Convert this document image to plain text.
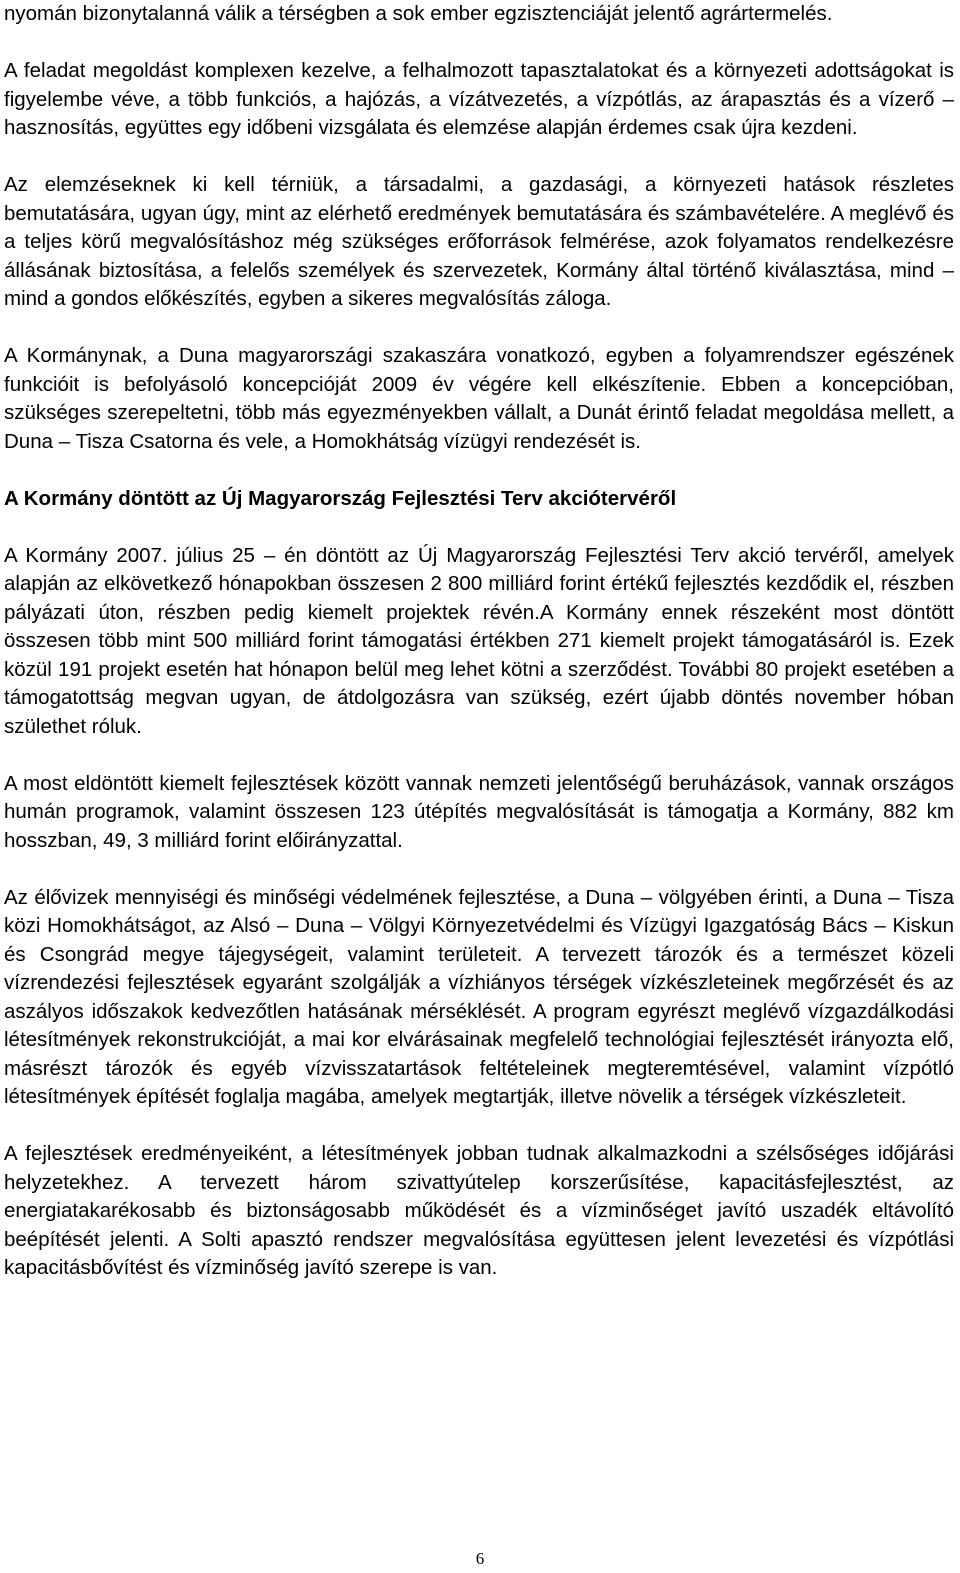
nyomán bizonytalanná válik a térségben a sok ember egzisztenciáját jelentő agrártermelés.

A feladat megoldást komplexen kezelve, a felhalmozott tapasztalatokat és a környezeti adottságokat is figyelembe véve, a több funkciós, a hajózás, a vízátvezetés, a vízpótlás, az árapasztás és a vízerő – hasznosítás, együttes egy időbeni vizsgálata és elemzése alapján érdemes csak újra kezdeni.

Az elemzéseknek ki kell térniük, a társadalmi, a gazdasági, a környezeti hatások részletes bemutatására, ugyan úgy, mint az elérhető eredmények bemutatására és számbavételére. A meglévő és a teljes körű megvalósításhoz még szükséges erőforrások felmérése, azok folyamatos rendelkezésre állásának biztosítása, a felelős személyek és szervezetek, Kormány által történő kiválasztása, mind – mind a gondos előkészítés, egyben a sikeres megvalósítás záloga.

A Kormánynak, a Duna magyarországi szakaszára vonatkozó, egyben a folyamrendszer egészének funkcióit is befolyásoló koncepcióját 2009 év végére kell elkészítenie. Ebben a koncepcióban, szükséges szerepeltetni, több más egyezményekben vállalt, a Dunát érintő feladat megoldása mellett, a Duna – Tisza Csatorna és vele, a Homokhátság vízügyi rendezését is.

A Kormány döntött az Új Magyarország Fejlesztési Terv akciótervéről

A Kormány 2007. július 25 – én döntött az Új Magyarország Fejlesztési Terv akció tervéről, amelyek alapján az elkövetkező hónapokban összesen 2 800 milliárd forint értékű fejlesztés kezdődik el, részben pályázati úton, részben pedig kiemelt projektek révén.A Kormány ennek részeként most döntött összesen több mint 500 milliárd forint támogatási értékben 271 kiemelt projekt támogatásáról is. Ezek közül 191 projekt esetén hat hónapon belül meg lehet kötni a szerződést. További 80 projekt esetében a támogatottság megvan ugyan, de átdolgozásra van szükség, ezért újabb döntés november hóban születhet róluk.

A most eldöntött kiemelt fejlesztések között vannak nemzeti jelentőségű beruházások, vannak országos humán programok, valamint összesen 123 útépítés megvalósítását is támogatja a Kormány, 882 km hosszban, 49, 3 milliárd forint előirányzattal.

Az élővizek mennyiségi és minőségi védelmének fejlesztése, a Duna – völgyében érinti, a Duna – Tisza közi Homokhátságot, az Alsó – Duna – Völgyi Környezetvédelmi és Vízügyi Igazgatóság Bács – Kiskun és Csongrád megye tájegységeit, valamint területeit. A tervezett tározók és a természet közeli vízrendezési fejlesztések egyaránt szolgálják a vízhiányos térségek vízkészleteinek megőrzését és az aszályos időszakok kedvezőtlen hatásának mérséklését. A program egyrészt meglévő vízgazdálkodási létesítmények rekonstrukcióját, a mai kor elvárásainak megfelelő technológiai fejlesztését irányozta elő, másrészt tározók és egyéb vízvisszatartások feltételeinek megteremtésével, valamint vízpótló létesítmények építését foglalja magába, amelyek megtartják, illetve növelik a térségek vízkészleteit.

A fejlesztések eredményeiként, a létesítmények jobban tudnak alkalmazkodni a szélsőséges időjárási helyzetekhez. A tervezett három szivattyútelep korszerűsítése, kapacitásfejlesztést, az energiatakarékosabb és biztonságosabb működését és a vízminőséget javító uszadék eltávolító beépítését jelenti. A Solti apasztó rendszer megvalósítása együttesen jelent levezetési és vízpótlási kapacitásbővítést és vízminőség javító szerepe is van.

6
